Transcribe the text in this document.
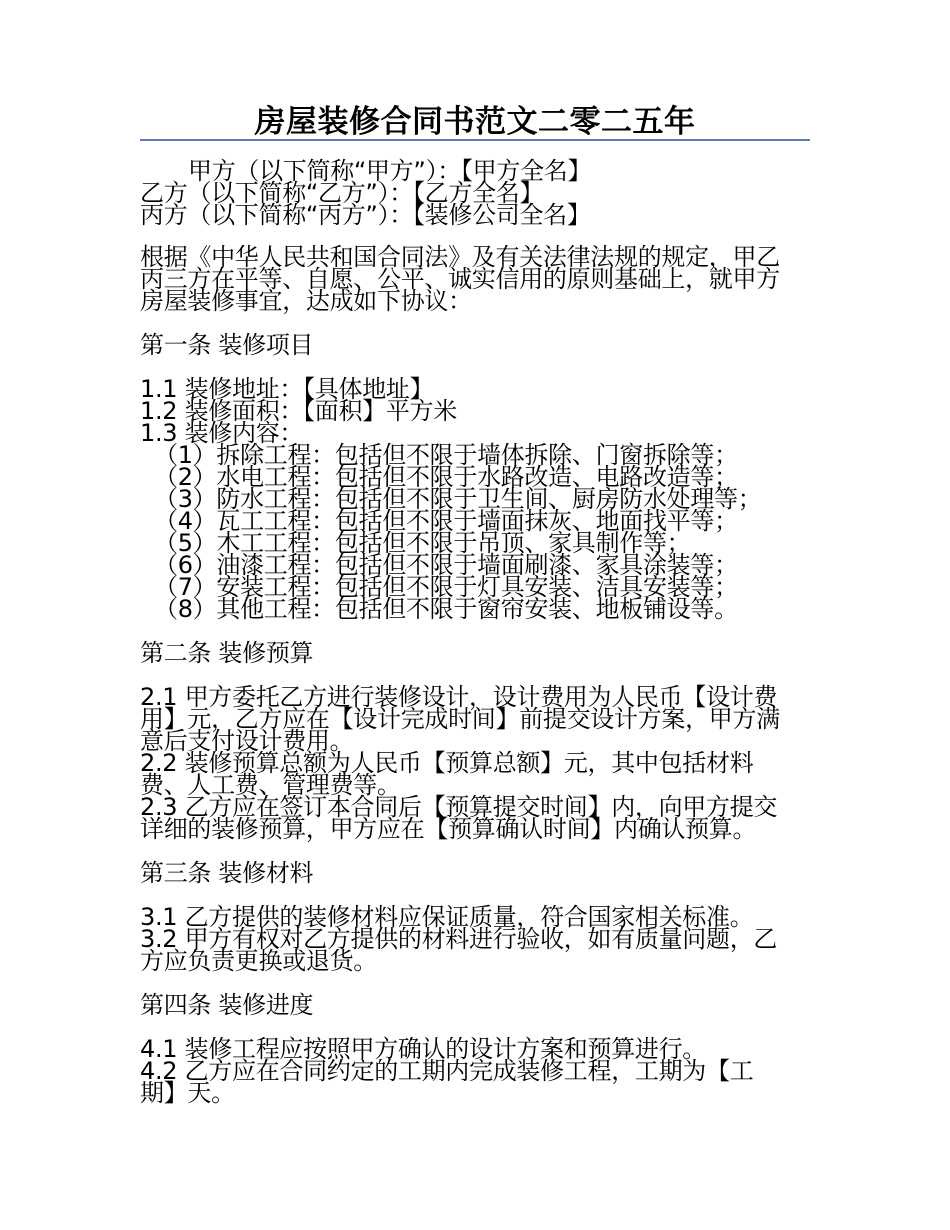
房屋装修合同书范文二零二五年
甲方（以下简称“甲方”）：【甲方全名】
乙方（以下简称“乙方”）：【乙方全名】
丙方（以下简称“丙方”）：【装修公司全名】
根据《中华人民共和国合同法》及有关法律法规的规定，甲乙
丙三方在平等、自愿、公平、诚实信用的原则基础上，就甲方
房屋装修事宜，达成如下协议：
第一条 装修项目
1.1 装修地址：【具体地址】
1.2 装修面积：【面积】平方米
1.3 装修内容：
（1）拆除工程：包括但不限于墙体拆除、门窗拆除等；
（2）水电工程：包括但不限于水路改造、电路改造等；
（3）防水工程：包括但不限于卫生间、厨房防水处理等；
（4）瓦工工程：包括但不限于墙面抹灰、地面找平等；
（5）木工工程：包括但不限于吊顶、家具制作等；
（6）油漆工程：包括但不限于墙面刷漆、家具涂装等；
（7）安装工程：包括但不限于灯具安装、洁具安装等；
（8）其他工程：包括但不限于窗帘安装、地板铺设等。
第二条 装修预算
2.1 甲方委托乙方进行装修设计，设计费用为人民币【设计费
用】元，乙方应在【设计完成时间】前提交设计方案，甲方满
意后支付设计费用。
2.2 装修预算总额为人民币【预算总额】元，其中包括材料
费、人工费、管理费等。
2.3 乙方应在签订本合同后【预算提交时间】内，向甲方提交
详细的装修预算，甲方应在【预算确认时间】内确认预算。
第三条 装修材料
3.1 乙方提供的装修材料应保证质量，符合国家相关标准。
3.2 甲方有权对乙方提供的材料进行验收，如有质量问题，乙
方应负责更换或退货。
第四条 装修进度
4.1 装修工程应按照甲方确认的设计方案和预算进行。
4.2 乙方应在合同约定的工期内完成装修工程，工期为【工
期】天。
